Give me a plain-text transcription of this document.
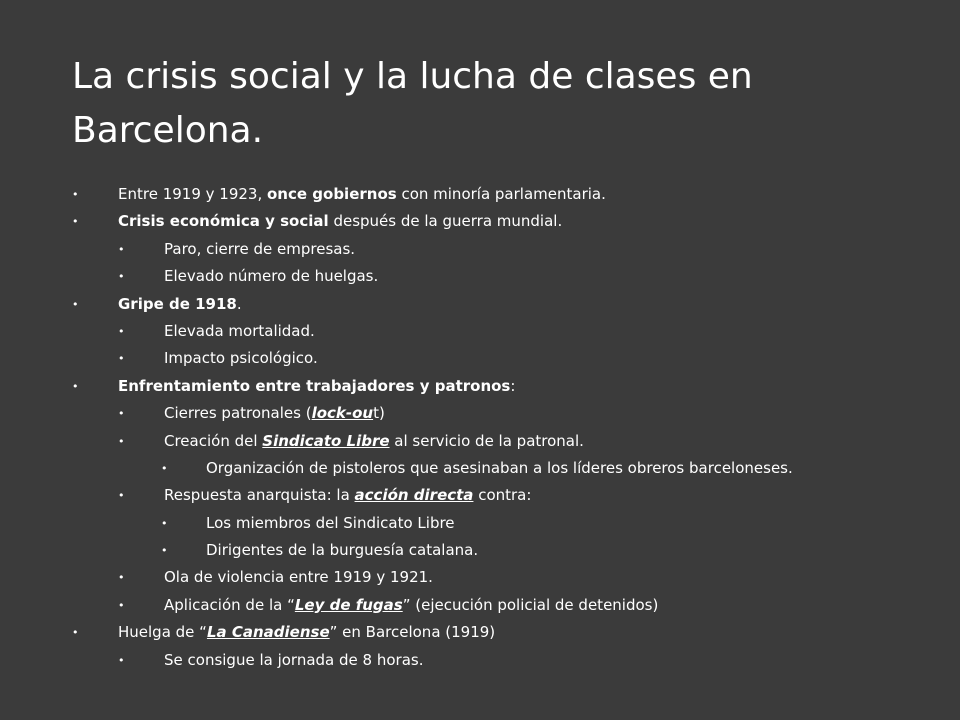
La crisis social y la lucha de clases en
Barcelona.
•	Entre 1919 y 1923, once gobiernos con minoría parlamentaria.
•	Crisis económica y social después de la guerra mundial.
•	Paro, cierre de empresas.
•	Elevado número de huelgas.
•	Gripe de 1918.
•	Elevada mortalidad.
•	Impacto psicológico.
•	Enfrentamiento entre trabajadores y patronos:
•	Cierres patronales (lock-out)
•	Creación del Sindicato Libre al servicio de la patronal.
•	Organización de pistoleros que asesinaban a los líderes obreros barceloneses.
•	Respuesta anarquista: la acción directa contra:
•	Los miembros del Sindicato Libre
•	Dirigentes de la burguesía catalana.
•	Ola de violencia entre 1919 y 1921.
•	Aplicación de la “Ley de fugas” (ejecución policial de detenidos)
•	Huelga de “La Canadiense” en Barcelona (1919)
•	Se consigue la jornada de 8 horas.
